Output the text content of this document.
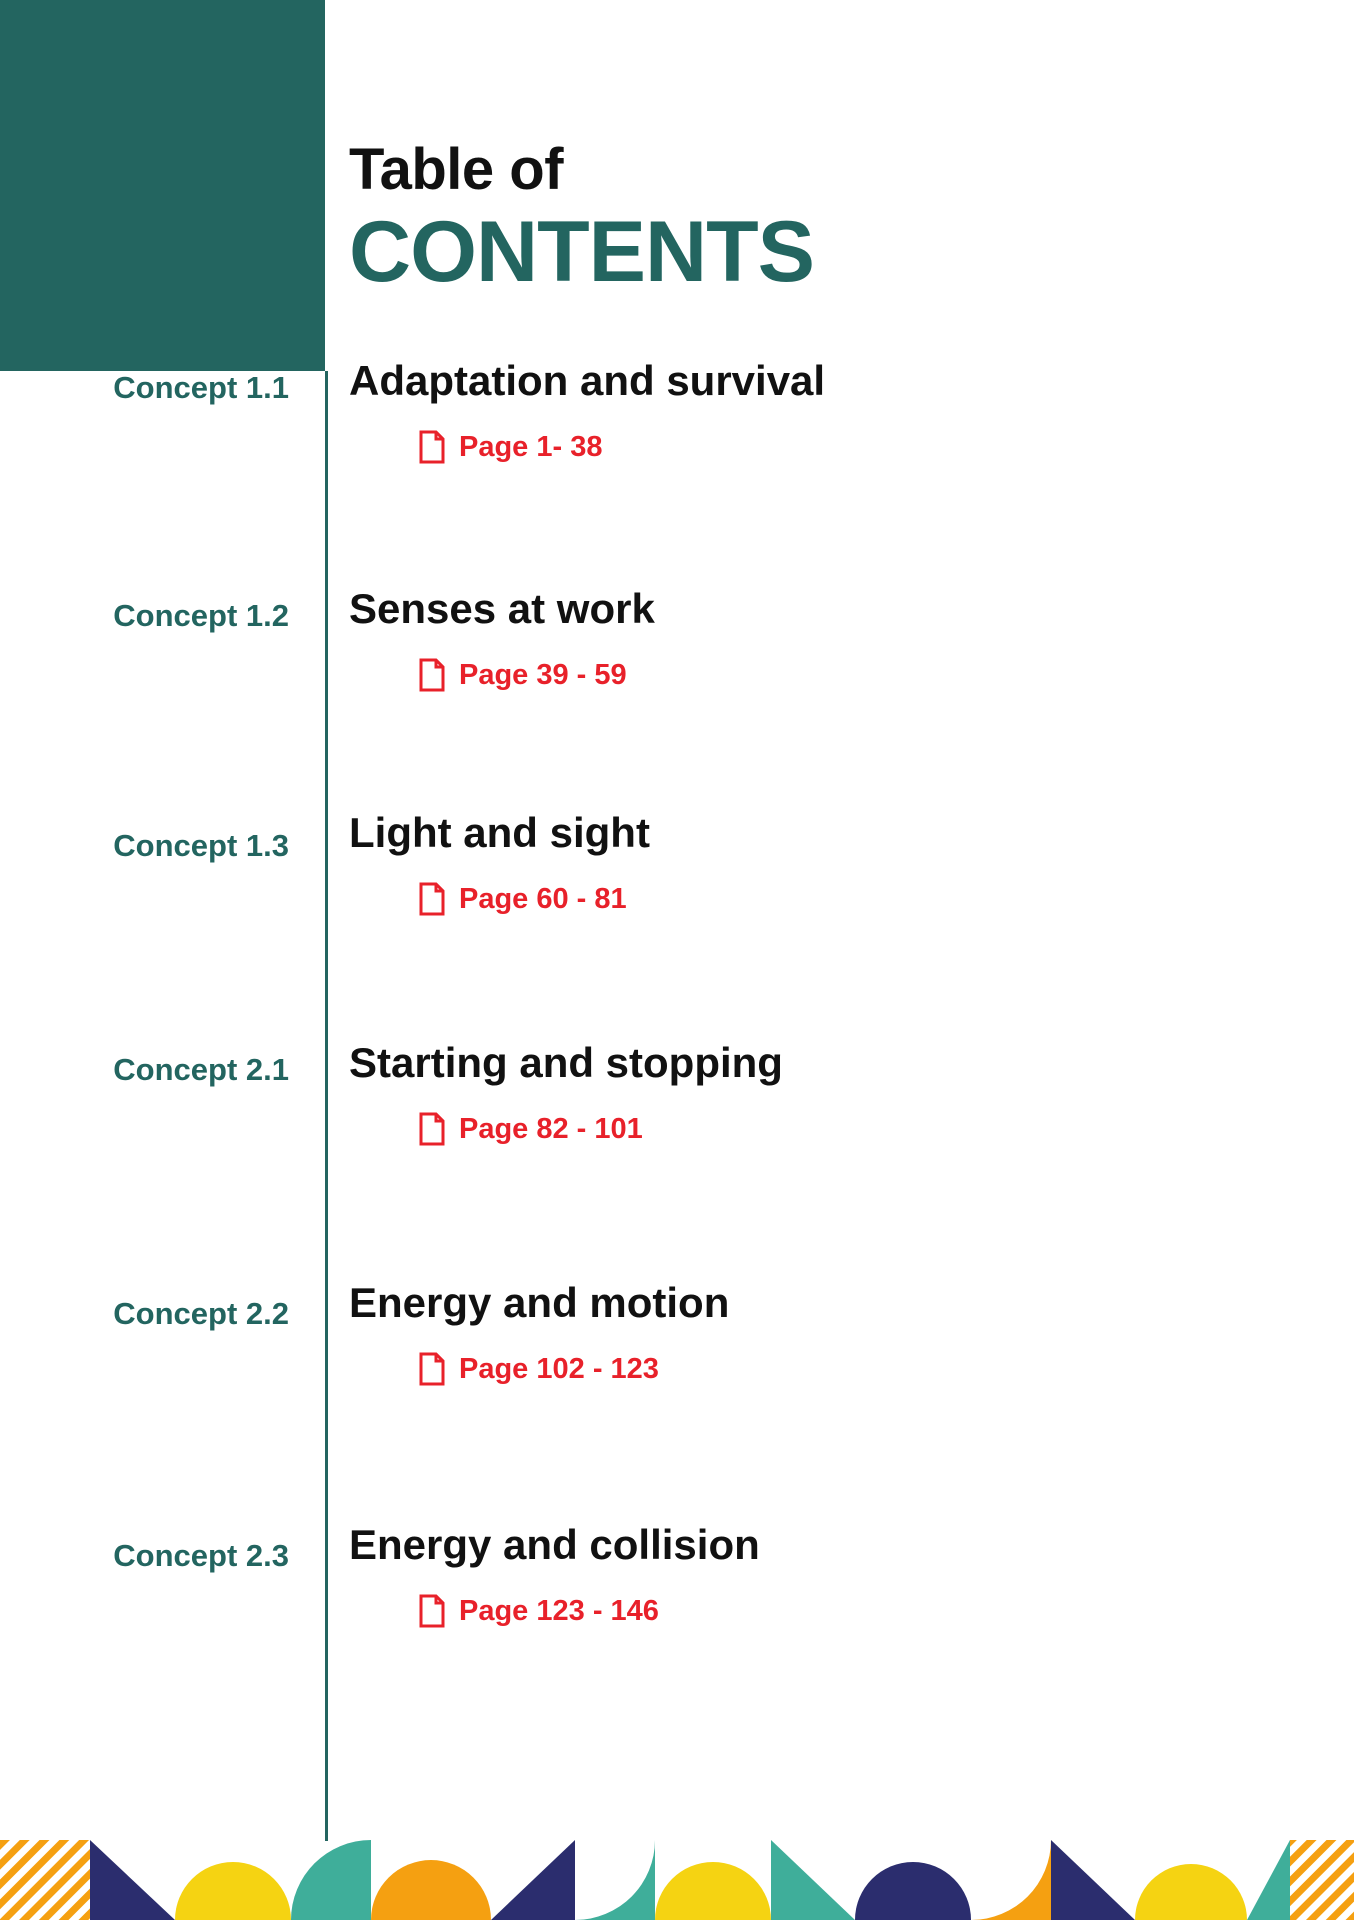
Table of
CONTENTS
Concept 1.1 Adaptation and survival
Page 1- 38
Concept 1.2 Senses at work
Page 39 - 59
Concept 1.3 Light and sight
Page 60 - 81
Concept 2.1 Starting and stopping
Page 82 - 101
Concept 2.2 Energy and motion
Page 102 - 123
Concept 2.3 Energy and collision
Page 123 - 146
